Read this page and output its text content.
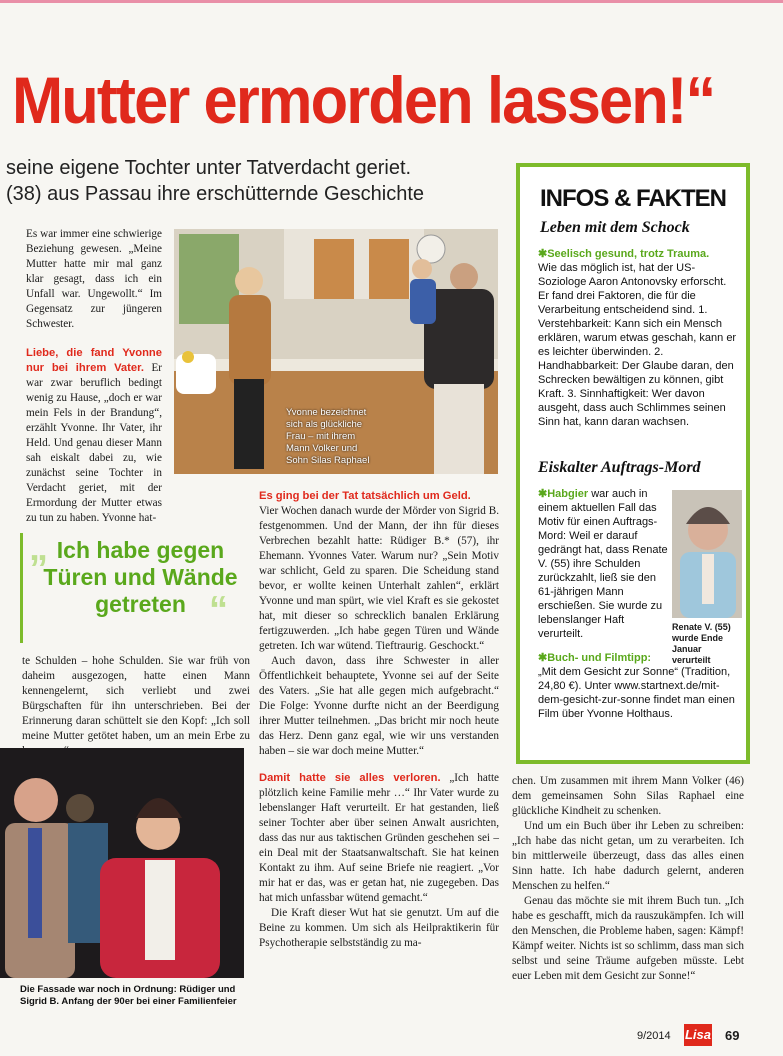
Mutter ermorden lassen!“
seine eigene Tochter unter Tatverdacht geriet.
(38) aus Passau ihre erschütternde Geschichte

Es war immer eine schwierige Beziehung gewesen. „Meine Mutter hatte mir mal ganz klar gesagt, dass ich ein Unfall war. Ungewollt.“ Im Gegensatz zur jüngeren Schwester.

Liebe, die fand Yvonne nur bei ihrem Vater. Er war zwar beruflich bedingt wenig zu Hause, „doch er war mein Fels in der Brandung“, erzählt Yvonne. Ihr Vater, ihr Held. Und genau dieser Mann sah eiskalt dabei zu, wie zunächst seine Tochter in Verdacht geriet, mit der Ermordung der Mutter etwas zu tun zu haben. Yvonne hat-

Yvonne bezeichnet sich als glückliche Frau – mit ihrem Mann Volker und Sohn Silas Raphael
„ Ich habe gegen Türen und Wände getreten “
te Schulden – hohe Schulden. Sie war früh von daheim ausgezogen, hatte einen Mann kennengelernt, sich verliebt und zwei Bürgschaften für ihn unterschrieben. Bei der Erinnerung daran schüttelt sie den Kopf: „Ich soll meine Mutter getötet haben, um an mein Erbe zu
Die Fassade war noch in Ordnung: Rüdiger und Sigrid B. Anfang der 90er bei einer Familienfeier

Es ging bei der Tat tatsächlich um Geld.

Vier Wochen danach wurde der Mörder von Sigrid B. festgenommen. Und der Mann, der ihn für dieses Verbrechen bezahlt hatte: Rüdiger B.* (57), ihr Ehemann. Yvonnes Vater. Warum nur? „Sein Motiv war schlicht, Geld zu sparen. Die Scheidung stand bevor, er wollte keinen Unterhalt zahlen“, erklärt Yvonne und man spürt, wie viel Kraft es sie gekostet hat, mit dieser so schrecklich banalen Erklärung fertigzuwerden. „Ich habe gegen Türen und Wände getreten. Ich war wütend. Tieftraurig. Geschockt.“

Auch davon, dass ihre Schwester in aller Öffentlichkeit behauptete, Yvonne sei auf der Seite des Vaters. „Sie hat alle gegen mich aufgebracht.“ Die Folge: Yvonne durfte nicht an der Beerdigung ihrer Mutter teilnehmen. „Das bricht mir noch heute das Herz. Denn ganz egal, wie wir uns verstanden haben – sie war doch meine Mutter.“

Damit hatte sie alles verloren. „Ich hatte plötzlich keine Familie mehr …“ Ihr Vater wurde zu lebenslanger Haft verurteilt. Er hat gestanden, ließ seiner Tochter aber über seinen Anwalt ausrichten, dass das nur aus taktischen Gründen geschehen sei – ein Deal mit der Staatsanwaltschaft. Sie hat keinen Kontakt zu ihm. Auf seine Briefe nie reagiert. „Vor mir hat er das, was er getan hat, nie zugegeben. Das hat mich unfassbar wütend gemacht.“

Die Kraft dieser Wut hat sie genutzt. Um auf die Beine zu kommen. Um sich als Heilpraktikerin für Psychotherapie selbstständig zu ma-

chen. Um zusammen mit ihrem Mann Volker (46) dem gemeinsamen Sohn Silas Raphael eine glückliche Kindheit zu schenken.

Und um ein Buch über ihr Leben zu schreiben: „Ich habe das nicht getan, um zu verarbeiten. Ich bin mittlerweile überzeugt, dass das alles einen Sinn hatte. Ich habe dadurch gelernt, anderen Menschen zu helfen.“

Genau das möchte sie mit ihrem Buch tun. „Ich habe es geschafft, mich da rauszukämpfen. Ich will den Menschen, die Probleme haben, sagen: Kämpf! Kämpf weiter. Nichts ist so schlimm, dass man sich selbst und seine Träume aufgeben müsste. Lebt euer Leben mit dem Gesicht zur Sonne!“

INFOS & FAKTEN
Leben mit dem Schock
✱Seelisch gesund, trotz Trauma.
Wie das möglich ist, hat der US-Soziologe Aaron Antonovsky erforscht. Er fand drei Faktoren, die für die Verarbeitung entscheidend sind. 1. Verstehbarkeit: Kann sich ein Mensch erklären, warum etwas geschah, kann er es leichter überwinden. 2. Handhabbarkeit: Der Glaube daran, den Schrecken bewältigen zu können, gibt Kraft. 3. Sinnhaftigkeit: Wer davon ausgeht, dass auch Schlimmes seinen Sinn hat, kann daran wachsen.
Eiskalter Auftrags-Mord
✱Habgier war auch in einem aktuellen Fall das Motiv für einen Auftrags-Mord: Weil er darauf gedrängt hat, dass Renate V. (55) ihre Schulden zurückzahlt, ließ sie den 61-jährigen Mann erschießen. Sie wurde zu lebenslanger Haft verurteilt.
Renate V. (55) wurde Ende Januar verurteilt
✱Buch- und Filmtipp:
„Mit dem Gesicht zur Sonne“ (Tradition, 24,80 €). Unter www.startnext.de/mit-dem-gesicht-zur-sonne findet man einen Film über Yvonne Holthaus.
9/2014 Lisa 69
